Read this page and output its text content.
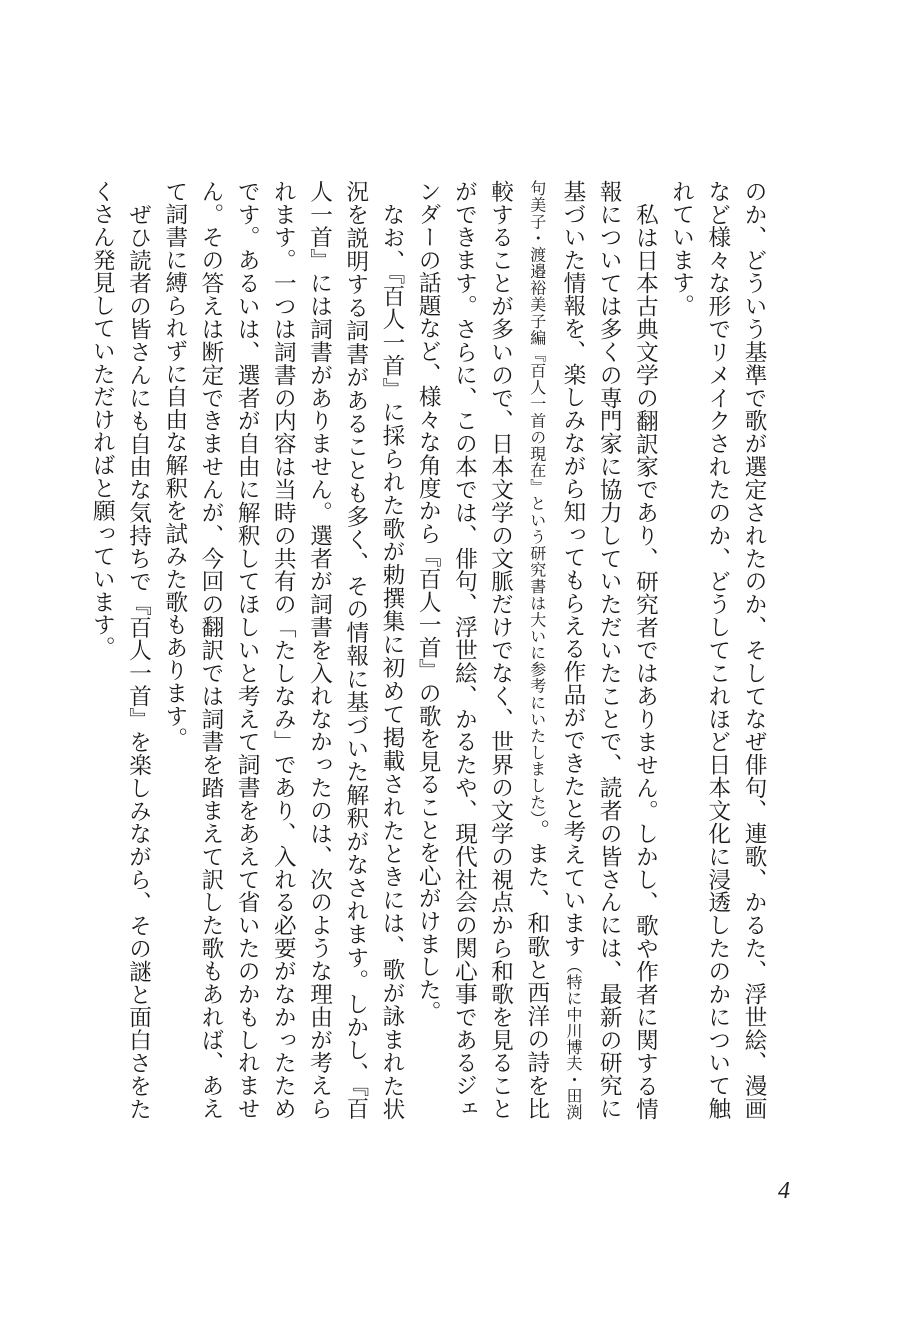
のか、どういう基準で歌が選定されたのか、そしてなぜ俳句、連歌、かるた、浮世絵、漫画など様々な形でリメイクされたのか、どうしてこれほど日本文化に浸透したのかについて触れています。

私は日本古典文学の翻訳家であり、研究者ではありません。しかし、歌や作者に関する情報については多くの専門家に協力していただいたことで、読者の皆さんには、最新の研究に基づいた情報を、楽しみながら知ってもらえる作品ができたと考えています（特に中川博夫・田渕句美子・渡邉裕美子編『百人一首の現在』という研究書は大いに参考にいたしました）。また、和歌と西洋の詩を比較することが多いので、日本文学の文脈だけでなく、世界の文学の視点から和歌を見ることができます。さらに、この本では、俳句、浮世絵、かるたや、現代社会の関心事であるジェンダーの話題など、様々な角度から『百人一首』の歌を見ることを心がけました。

なお、『百人一首』に採られた歌が勅撰集に初めて掲載されたときには、歌が詠まれた状況を説明する詞書があることも多く、その情報に基づいた解釈がなされます。しかし、『百人一首』には詞書がありません。選者が詞書を入れなかったのは、次のような理由が考えられます。一つは詞書の内容は当時の共有の「たしなみ」であり、入れる必要がなかったためです。あるいは、選者が自由に解釈してほしいと考えて詞書をあえて省いたのかもしれません。その答えは断定できませんが、今回の翻訳では詞書を踏まえて訳した歌もあれば、あえて詞書に縛られずに自由な解釈を試みた歌もあります。

ぜひ読者の皆さんにも自由な気持ちで『百人一首』を楽しみながら、その謎と面白さをたくさん発見していただければと願っています。

4
